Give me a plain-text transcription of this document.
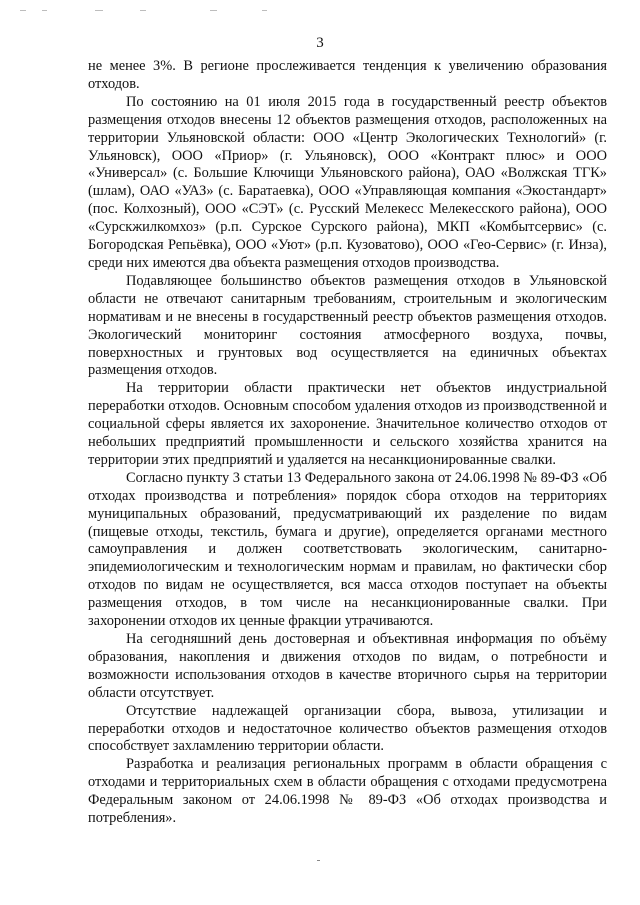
3

не менее 3%. В регионе прослеживается тенденция к увеличению образования отходов.

По состоянию на 01 июля 2015 года в государственный реестр объектов размещения отходов внесены 12 объектов размещения отходов, расположенных на территории Ульяновской области: ООО «Центр Экологических Технологий» (г. Ульяновск), ООО «Приор» (г. Ульяновск), ООО «Контракт плюс» и ООО «Универсал» (с. Большие Ключищи Ульяновского района), ОАО «Волжская ТГК» (шлам), ОАО «УАЗ» (с. Баратаевка), ООО «Управляющая компания «Экостандарт» (пос. Колхозный), ООО «СЭТ» (с. Русский Мелекесс Мелекесского района), ООО «Сурскжилкомхоз» (р.п. Сурское Сурского района), МКП «Комбытсервис» (с. Богородская Репьёвка), ООО «Уют» (р.п. Кузоватово), ООО «Гео-Сервис» (г. Инза), среди них имеются два объекта размещения отходов производства.

Подавляющее большинство объектов размещения отходов в Ульяновской области не отвечают санитарным требованиям, строительным и экологическим нормативам и не внесены в государственный реестр объектов размещения отходов. Экологический мониторинг состояния атмосферного воздуха, почвы, поверхностных и грунтовых вод осуществляется на единичных объектах размещения отходов.

На территории области практически нет объектов индустриальной переработки отходов. Основным способом удаления отходов из производственной и социальной сферы является их захоронение. Значительное количество отходов от небольших предприятий промышленности и сельского хозяйства хранится на территории этих предприятий и удаляется на несанкционированные свалки.

Согласно пункту 3 статьи 13 Федерального закона от 24.06.1998 № 89-ФЗ «Об отходах производства и потребления» порядок сбора отходов на территориях муниципальных образований, предусматривающий их разделение по видам (пищевые отходы, текстиль, бумага и другие), определяется органами местного самоуправления и должен соответствовать экологическим, санитарно-эпидемиологическим и технологическим нормам и правилам, но фактически сбор отходов по видам не осуществляется, вся масса отходов поступает на объекты размещения отходов, в том числе на несанкционированные свалки. При захоронении отходов их ценные фракции утрачиваются.

На сегодняшний день достоверная и объективная информация по объёму образования, накопления и движения отходов по видам, о потребности и возможности использования отходов в качестве вторичного сырья на территории области отсутствует.

Отсутствие надлежащей организации сбора, вывоза, утилизации и переработки отходов и недостаточное количество объектов размещения отходов способствует захламлению территории области.

Разработка и реализация региональных программ в области обращения с отходами и территориальных схем в области обращения с отходами предусмотрена Федеральным законом от 24.06.1998 № 89-ФЗ «Об отходах производства и потребления».
